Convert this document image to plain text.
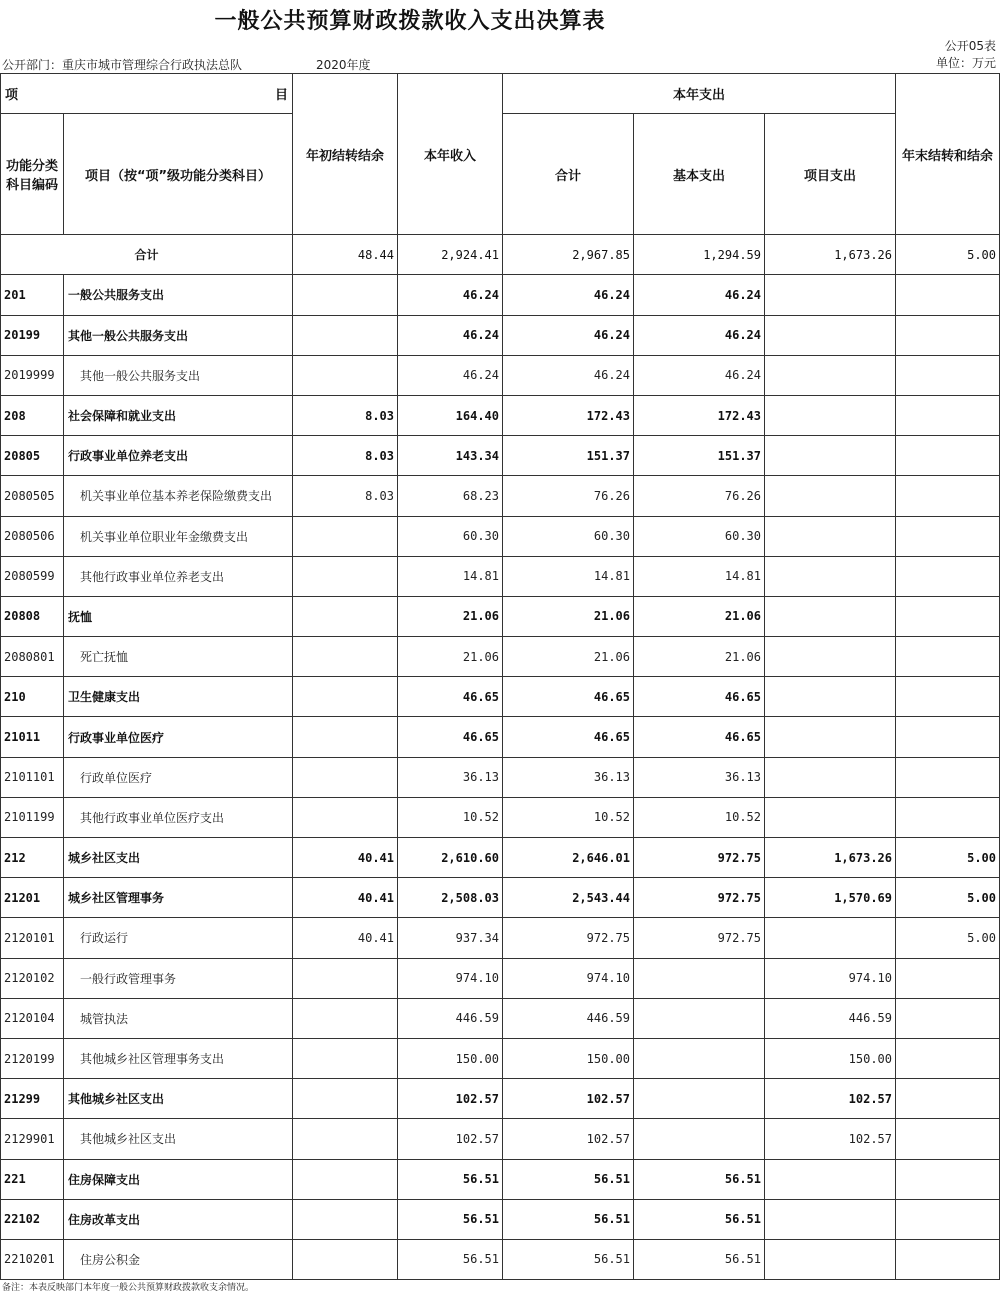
一般公共预算财政拨款收入支出决算表
公开部门：重庆市城市管理综合行政执法总队	2020年度
公开05表
单位：万元
项 目		年初结转结余	本年收入	本年支出			年末结转和结余
功能分类科目编码	项目（按“项”级功能分类科目）			合计	基本支出	项目支出	
合计		48.44	2,924.41	2,967.85	1,294.59	1,673.26	5.00
201	一般公共服务支出		46.24	46.24	46.24		
20199	其他一般公共服务支出		46.24	46.24	46.24		
2019999	其他一般公共服务支出		46.24	46.24	46.24		
208	社会保障和就业支出	8.03	164.40	172.43	172.43		
20805	行政事业单位养老支出	8.03	143.34	151.37	151.37		
2080505	机关事业单位基本养老保险缴费支出	8.03	68.23	76.26	76.26		
2080506	机关事业单位职业年金缴费支出		60.30	60.30	60.30		
2080599	其他行政事业单位养老支出		14.81	14.81	14.81		
20808	抚恤		21.06	21.06	21.06		
2080801	死亡抚恤		21.06	21.06	21.06		
210	卫生健康支出		46.65	46.65	46.65		
21011	行政事业单位医疗		46.65	46.65	46.65		
2101101	行政单位医疗		36.13	36.13	36.13		
2101199	其他行政事业单位医疗支出		10.52	10.52	10.52		
212	城乡社区支出	40.41	2,610.60	2,646.01	972.75	1,673.26	5.00
21201	城乡社区管理事务	40.41	2,508.03	2,543.44	972.75	1,570.69	5.00
2120101	行政运行	40.41	937.34	972.75	972.75		5.00
2120102	一般行政管理事务		974.10	974.10		974.10	
2120104	城管执法		446.59	446.59		446.59	
2120199	其他城乡社区管理事务支出		150.00	150.00		150.00	
21299	其他城乡社区支出		102.57	102.57		102.57	
2129901	其他城乡社区支出		102.57	102.57		102.57	
221	住房保障支出		56.51	56.51	56.51		
22102	住房改革支出		56.51	56.51	56.51		
2210201	住房公积金		56.51	56.51	56.51		
备注：本表反映部门本年度一般公共预算财政拨款收支余情况。
